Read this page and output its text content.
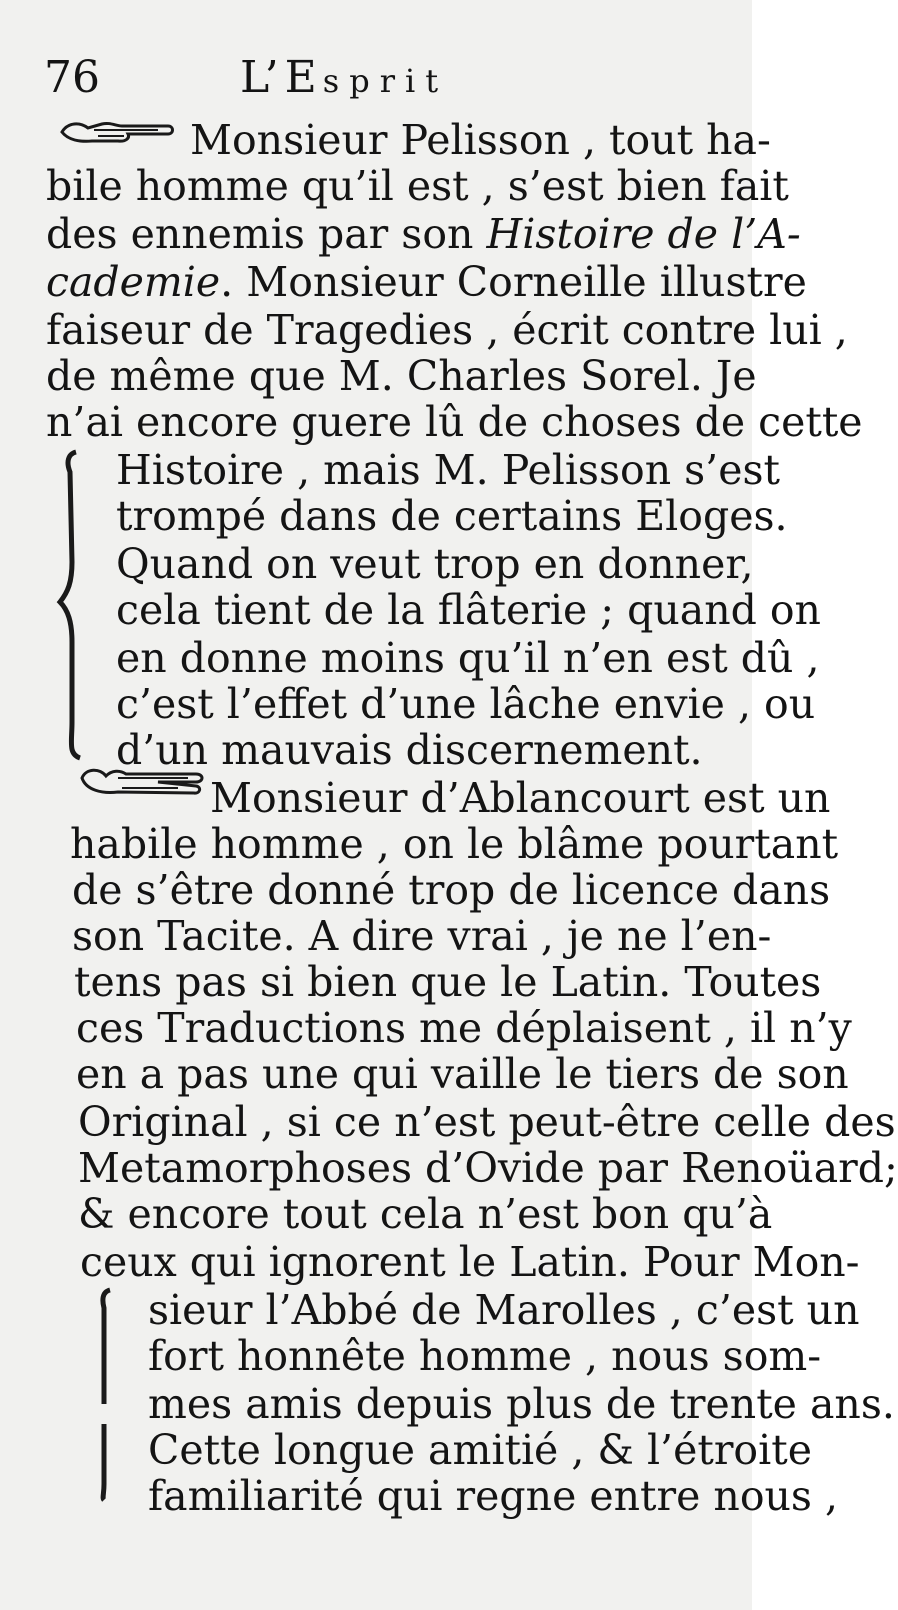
76	L’Esprit
Monsieur Pelisson , tout ha-
bile homme qu’il est , s’est bien fait
des ennemis par son Histoire de l’A-
cademie. Monsieur Corneille illustre
faiseur de Tragedies , écrit contre lui ,
de même que M. Charles Sorel. Je
n’ai encore guere lû de choses de cette
Histoire , mais M. Pelisson s’est
trompé dans de certains Eloges.
Quand on veut trop en donner,
cela tient de la flâterie ; quand on
en donne moins qu’il n’en est dû ,
c’est l’effet d’une lâche envie , ou
d’un mauvais discernement.
Monsieur d’Ablancourt est un
habile homme , on le blâme pourtant
de s’être donné trop de licence dans
son Tacite. A dire vrai , je ne l’en-
tens pas si bien que le Latin. Toutes
ces Traductions me déplaisent , il n’y
en a pas une qui vaille le tiers de son
Original , si ce n’est peut-être celle des
Metamorphoses d’Ovide par Renoüard;
& encore tout cela n’est bon qu’à
ceux qui ignorent le Latin. Pour Mon-
sieur l’Abbé de Marolles , c’est un
fort honnête homme , nous som-
mes amis depuis plus de trente ans.
Cette longue amitié , & l’étroite
familiarité qui regne entre nous ,
